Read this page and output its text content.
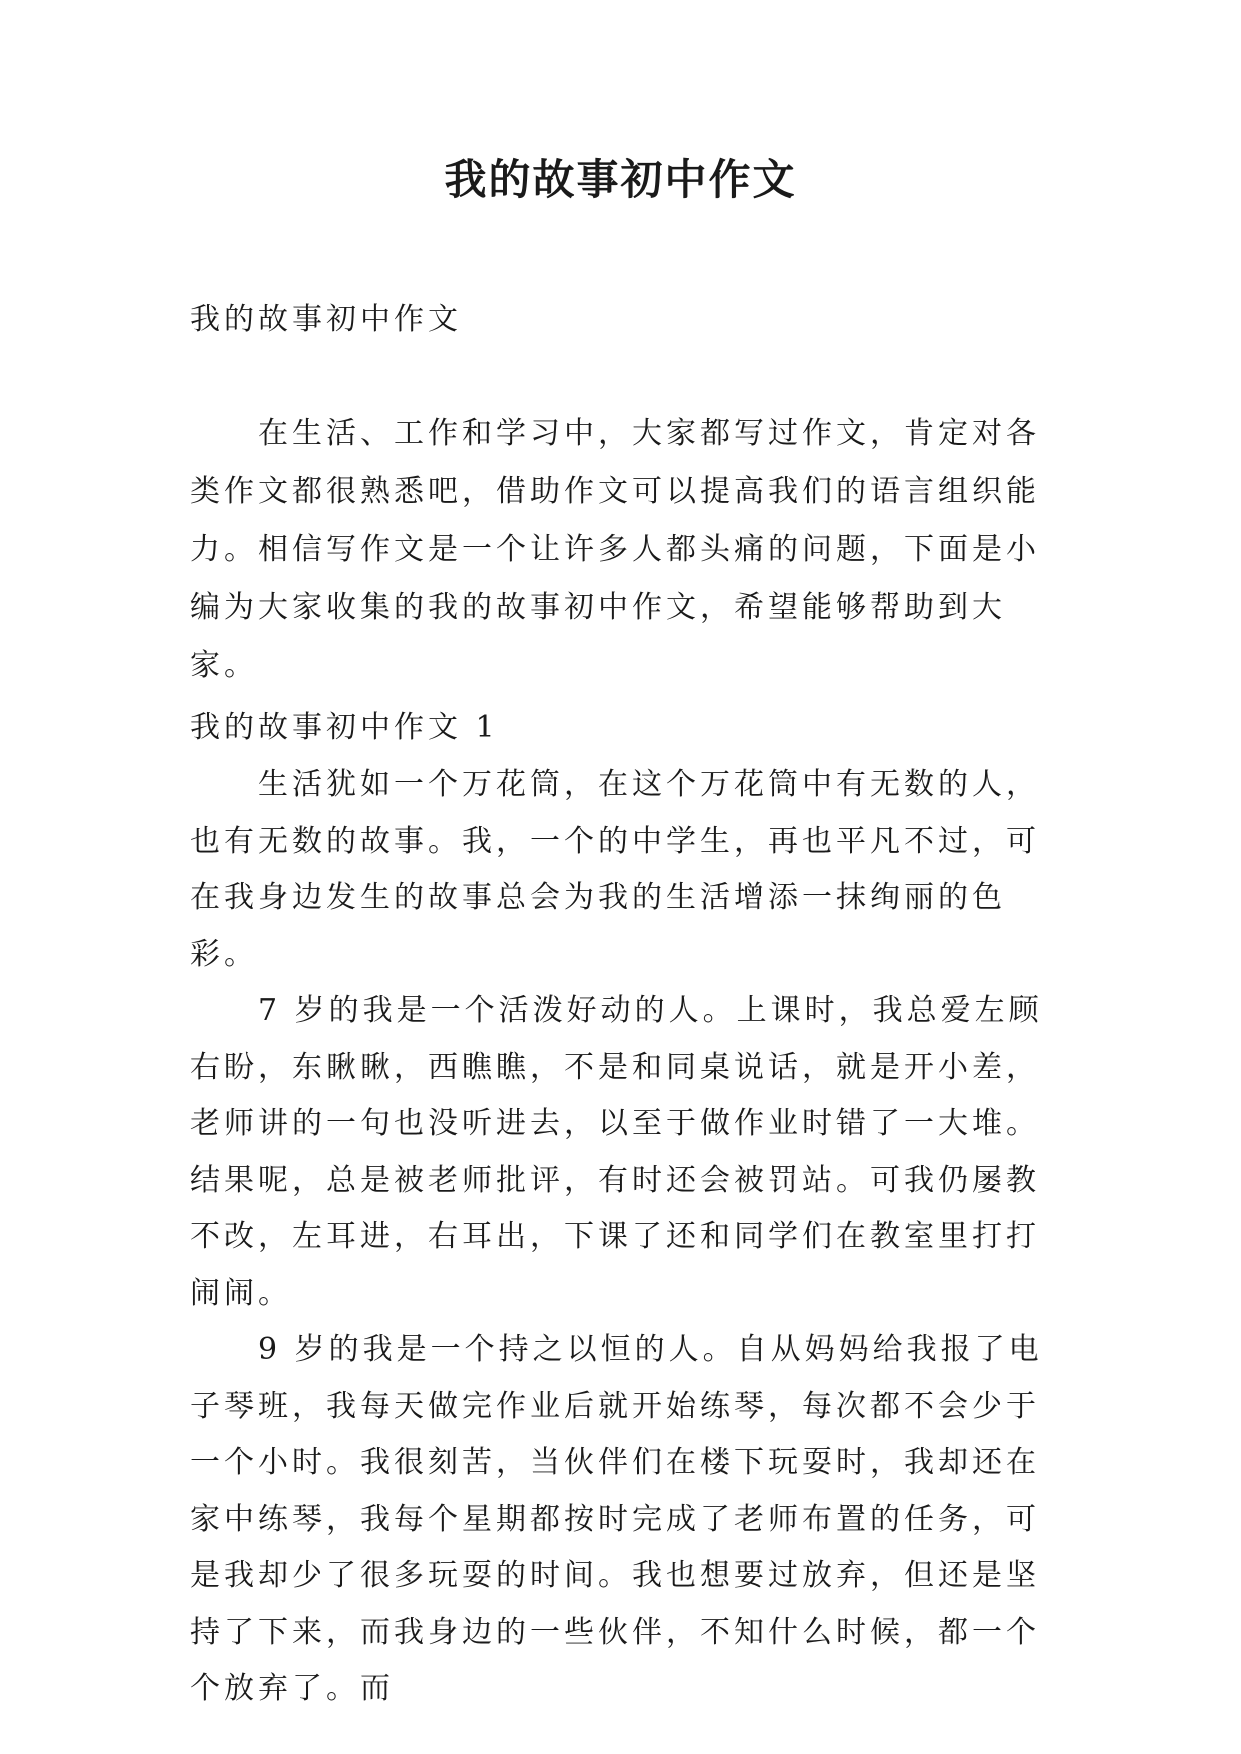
我的故事初中作文
我的故事初中作文

在生活、工作和学习中，大家都写过作文，肯定对各类作文都很熟悉吧，借助作文可以提高我们的语言组织能力。相信写作文是一个让许多人都头痛的问题，下面是小编为大家收集的我的故事初中作文，希望能够帮助到大家。

我的故事初中作文 1

生活犹如一个万花筒，在这个万花筒中有无数的人，也有无数的故事。我，一个的中学生，再也平凡不过，可在我身边发生的故事总会为我的生活增添一抹绚丽的色彩。

7 岁的我是一个活泼好动的人。上课时，我总爱左顾右盼，东瞅瞅，西瞧瞧，不是和同桌说话，就是开小差，老师讲的一句也没听进去，以至于做作业时错了一大堆。结果呢，总是被老师批评，有时还会被罚站。可我仍屡教不改，左耳进，右耳出，下课了还和同学们在教室里打打闹闹。

9 岁的我是一个持之以恒的人。自从妈妈给我报了电子琴班，我每天做完作业后就开始练琴，每次都不会少于一个小时。我很刻苦，当伙伴们在楼下玩耍时，我却还在家中练琴，我每个星期都按时完成了老师布置的任务，可是我却少了很多玩耍的时间。我也想要过放弃，但还是坚持了下来，而我身边的一些伙伴，不知什么时候，都一个个放弃了。而
